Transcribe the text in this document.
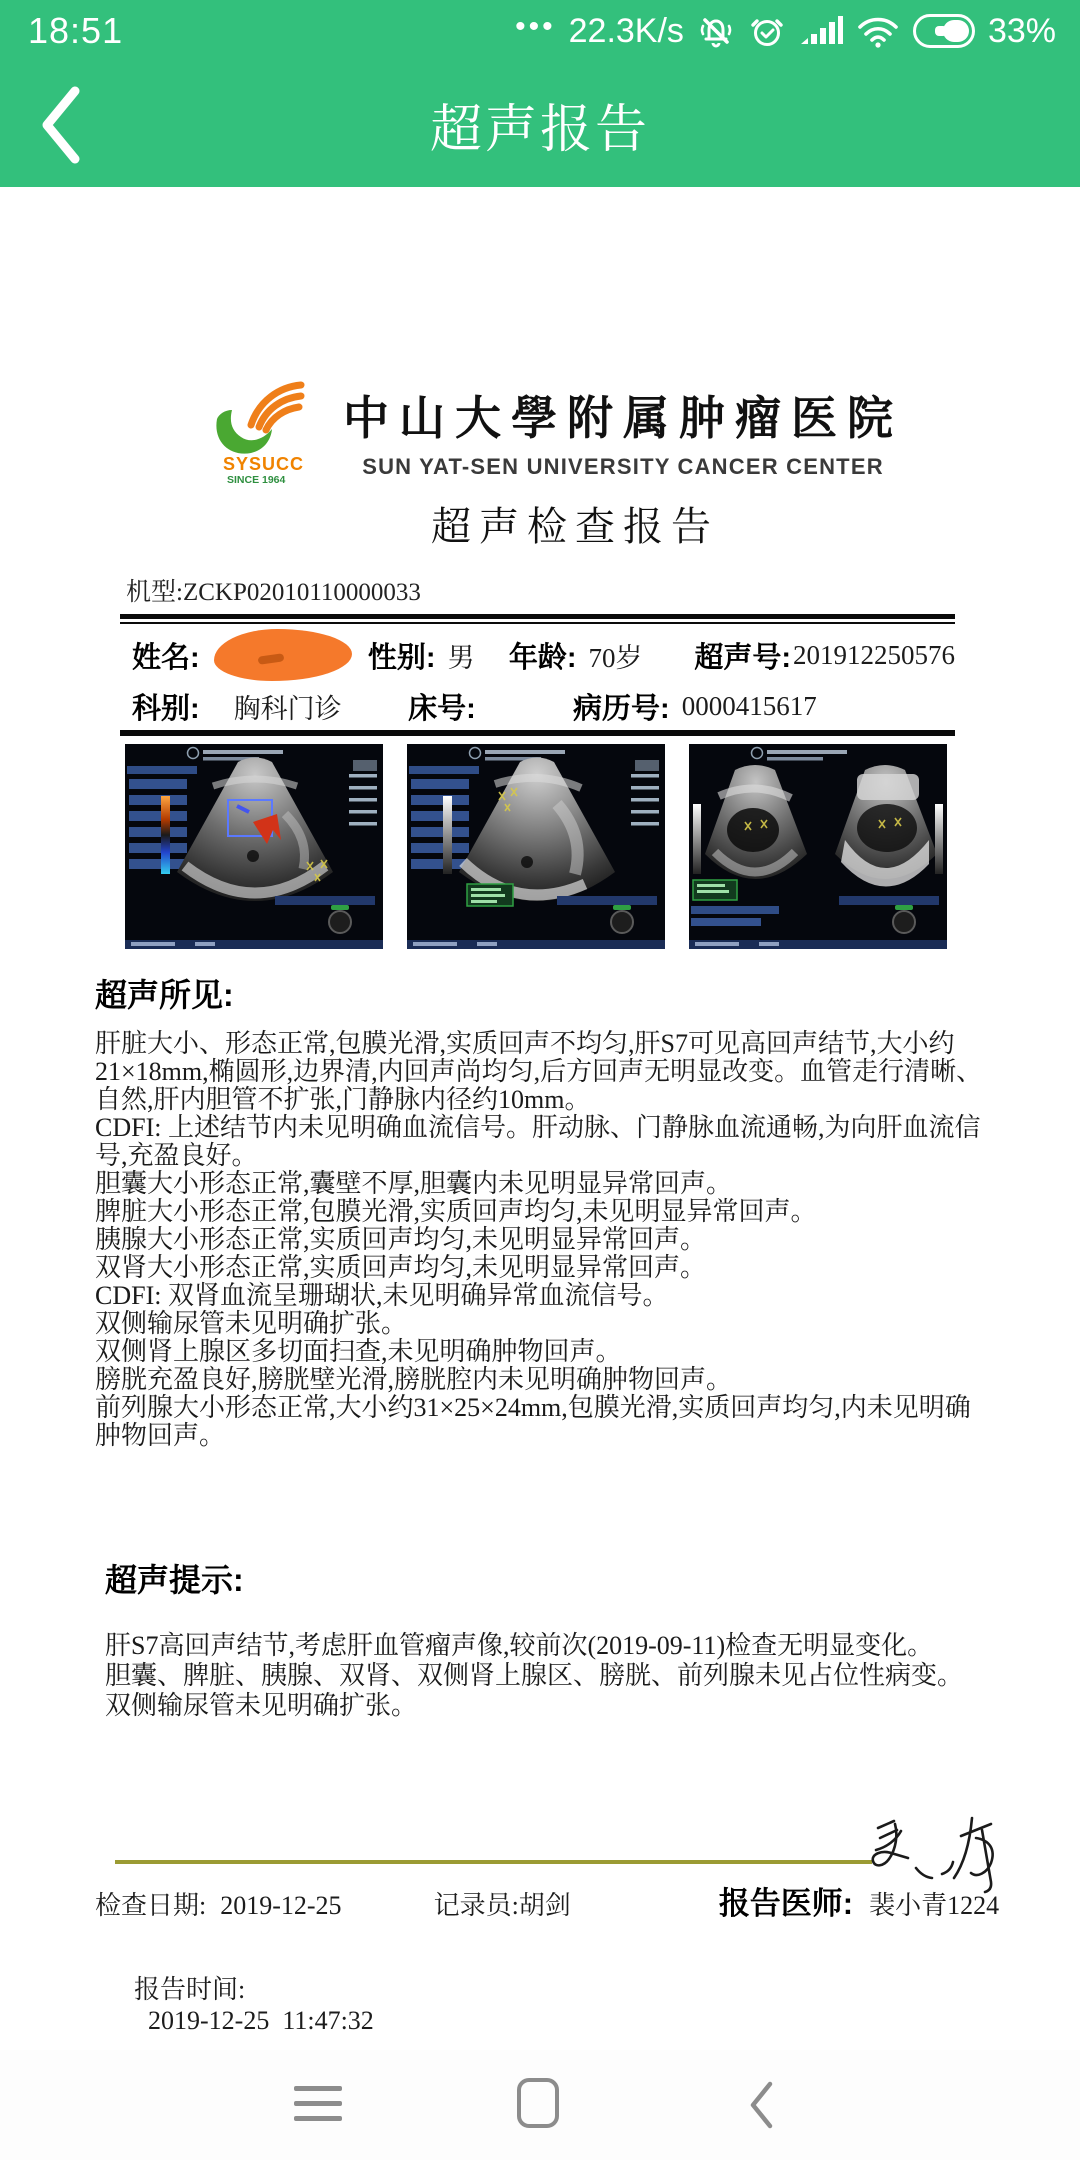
18:51	••• 22.3K/s	33%
超声报告
SYSUCC
SINCE 1964
中山大學附属肿瘤医院
SUN YAT-SEN UNIVERSITY CANCER CENTER
超声检查报告
机型:ZCKP02010110000033
姓名:	性别: 男 年龄: 70岁 超声号: 201912250576
科别: 胸科门诊 床号:	病历号: 0000415617
超声所见:
肝脏大小、形态正常,包膜光滑,实质回声不均匀,肝S7可见高回声结节,大小约21×18mm,椭圆形,边界清,内回声尚均匀,后方回声无明显改变。血管走行清晰、自然,肝内胆管不扩张,门静脉内径约10mm。
CDFI: 上述结节内未见明确血流信号。肝动脉、门静脉血流通畅,为向肝血流信号,充盈良好。
胆囊大小形态正常,囊壁不厚,胆囊内未见明显异常回声。
脾脏大小形态正常,包膜光滑,实质回声均匀,未见明显异常回声。
胰腺大小形态正常,实质回声均匀,未见明显异常回声。
双肾大小形态正常,实质回声均匀,未见明显异常回声。
CDFI: 双肾血流呈珊瑚状,未见明确异常血流信号。
双侧输尿管未见明确扩张。
双侧肾上腺区多切面扫查,未见明确肿物回声。
膀胱充盈良好,膀胱壁光滑,膀胱腔内未见明确肿物回声。
前列腺大小形态正常,大小约31×25×24mm,包膜光滑,实质回声均匀,内未见明确肿物回声。
超声提示:
肝S7高回声结节,考虑肝血管瘤声像,较前次(2019-09-11)检查无明显变化。
胆囊、脾脏、胰腺、双肾、双侧肾上腺区、膀胱、前列腺未见占位性病变。
双侧输尿管未见明确扩张。
检查日期: 2019-12-25	记录员:胡剑	报告医师: 裴小青1224

报告时间:
2019-12-25  11:47:32
